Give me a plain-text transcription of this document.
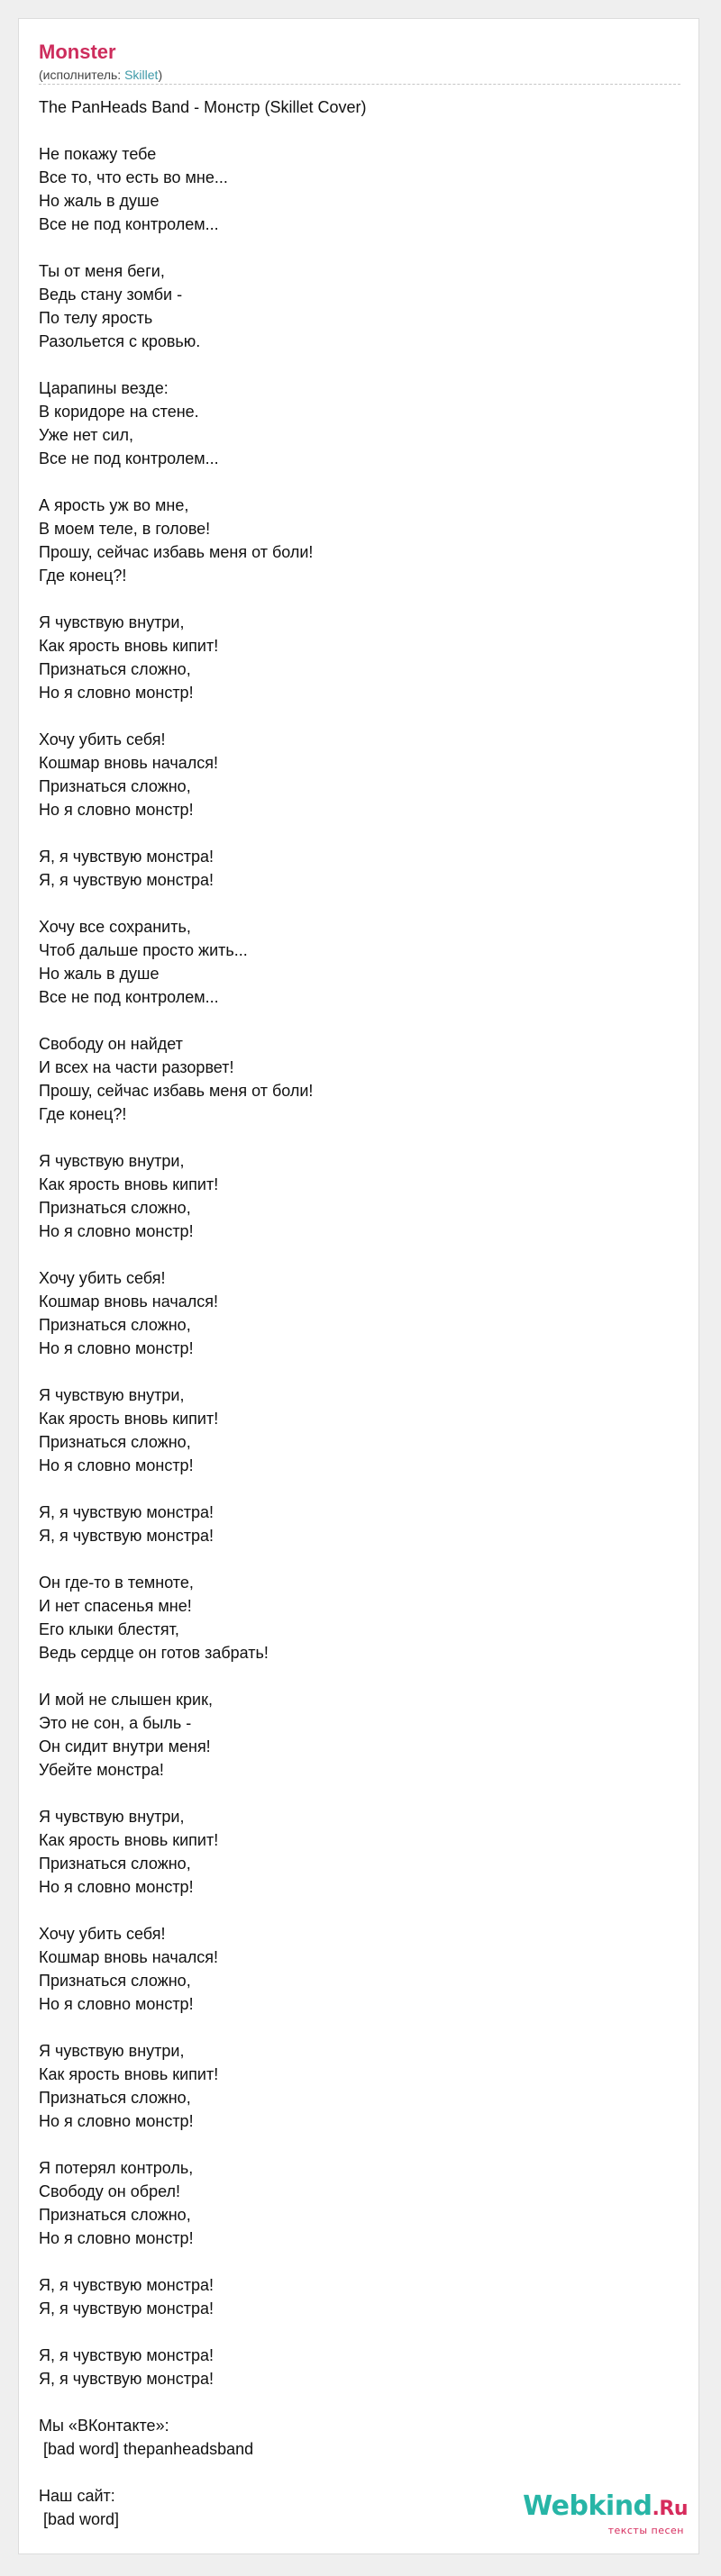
Monster
(исполнитель: Skillet)
The PanHeads Band - Монстр (Skillet Cover)
Не покажу тебе
Все то, что есть во мне...
Но жаль в душе
Все не под контролем...
Ты от меня беги,
Ведь стану зомби -
По телу ярость
Разольется с кровью.
Царапины везде:
В коридоре на стене.
Уже нет сил,
Все не под контролем...
А ярость уж во мне,
В моем теле, в голове!
Прошу, сейчас избавь меня от боли!
Где конец?!
Я чувствую внутри,
Как ярость вновь кипит!
Признаться сложно,
Но я словно монстр!
Хочу убить себя!
Кошмар вновь начался!
Признаться сложно,
Но я словно монстр!
Я, я чувствую монстра!
Я, я чувствую монстра!
Хочу все сохранить,
Чтоб дальше просто жить...
Но жаль в душе
Все не под контролем...
Свободу он найдет
И всех на части разорвет!
Прошу, сейчас избавь меня от боли!
Где конец?!
Я чувствую внутри,
Как ярость вновь кипит!
Признаться сложно,
Но я словно монстр!
Хочу убить себя!
Кошмар вновь начался!
Признаться сложно,
Но я словно монстр!
Я чувствую внутри,
Как ярость вновь кипит!
Признаться сложно,
Но я словно монстр!
Я, я чувствую монстра!
Я, я чувствую монстра!
Он где-то в темноте,
И нет спасенья мне!
Его клыки блестят,
Ведь сердце он готов забрать!
И мой не слышен крик,
Это не сон, а быль -
Он сидит внутри меня!
Убейте монстра!
Я чувствую внутри,
Как ярость вновь кипит!
Признаться сложно,
Но я словно монстр!
Хочу убить себя!
Кошмар вновь начался!
Признаться сложно,
Но я словно монстр!
Я чувствую внутри,
Как ярость вновь кипит!
Признаться сложно,
Но я словно монстр!
Я потерял контроль,
Свободу он обрел!
Признаться сложно,
Но я словно монстр!
Я, я чувствую монстра!
Я, я чувствую монстра!
Я, я чувствую монстра!
Я, я чувствую монстра!
Мы «ВКонтакте»:
[bad word] thepanheadsband
Наш сайт:
[bad word]	Webkind.Ru
тексты песен
